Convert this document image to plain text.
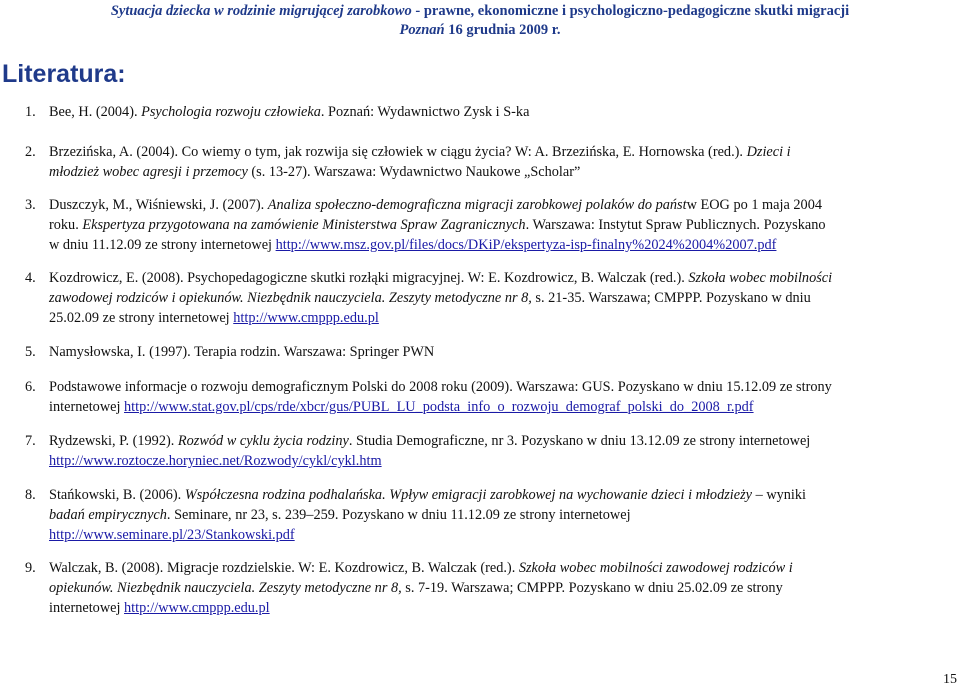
Sytuacja dziecka w rodzinie migrującej zarobkowo - prawne, ekonomiczne i psychologiczno-pedagogiczne skutki migracji
Poznań 16 grudnia 2009 r.
Literatura:
1. Bee, H. (2004). Psychologia rozwoju człowieka. Poznań: Wydawnictwo Zysk i S-ka
2. Brzezińska, A. (2004). Co wiemy o tym, jak rozwija się człowiek w ciągu życia? W: A. Brzezińska, E. Hornowska (red.). Dzieci i
młodzież wobec agresji i przemocy (s. 13-27). Warszawa: Wydawnictwo Naukowe „Scholar”
3. Duszczyk, M., Wiśniewski, J. (2007). Analiza społeczno-demograficzna migracji zarobkowej polaków do państw EOG po 1 maja 2004
roku. Ekspertyza przygotowana na zamówienie Ministerstwa Spraw Zagranicznych. Warszawa: Instytut Spraw Publicznych. Pozyskano
w dniu 11.12.09 ze strony internetowej http://www.msz.gov.pl/files/docs/DKiP/ekspertyza-isp-finalny%2024%2004%2007.pdf
4. Kozdrowicz, E. (2008). Psychopedagogiczne skutki rozłąki migracyjnej. W: E. Kozdrowicz, B. Walczak (red.). Szkoła wobec mobilności
zawodowej rodziców i opiekunów. Niezbędnik nauczyciela. Zeszyty metodyczne nr 8, s. 21-35. Warszawa; CMPPP. Pozyskano w dniu
25.02.09 ze strony internetowej http://www.cmppp.edu.pl
5. Namysłowska, I. (1997). Terapia rodzin. Warszawa: Springer PWN
6. Podstawowe informacje o rozwoju demograficznym Polski do 2008 roku (2009). Warszawa: GUS. Pozyskano w dniu 15.12.09 ze strony
internetowej http://www.stat.gov.pl/cps/rde/xbcr/gus/PUBL_LU_podsta_info_o_rozwoju_demograf_polski_do_2008_r.pdf
7. Rydzewski, P. (1992). Rozwód w cyklu życia rodziny. Studia Demograficzne, nr 3. Pozyskano w dniu 13.12.09 ze strony internetowej
http://www.roztocze.horyniec.net/Rozwody/cykl/cykl.htm
8. Stańkowski, B. (2006). Współczesna rodzina podhalańska. Wpływ emigracji zarobkowej na wychowanie dzieci i młodzieży – wyniki
badań empirycznych. Seminare, nr 23, s. 239–259. Pozyskano w dniu 11.12.09 ze strony internetowej
http://www.seminare.pl/23/Stankowski.pdf
9. Walczak, B. (2008). Migracje rozdzielskie. W: E. Kozdrowicz, B. Walczak (red.). Szkoła wobec mobilności zawodowej rodziców i
opiekunów. Niezbędnik nauczyciela. Zeszyty metodyczne nr 8, s. 7-19. Warszawa; CMPPP. Pozyskano w dniu 25.02.09 ze strony
internetowej http://www.cmppp.edu.pl
15
